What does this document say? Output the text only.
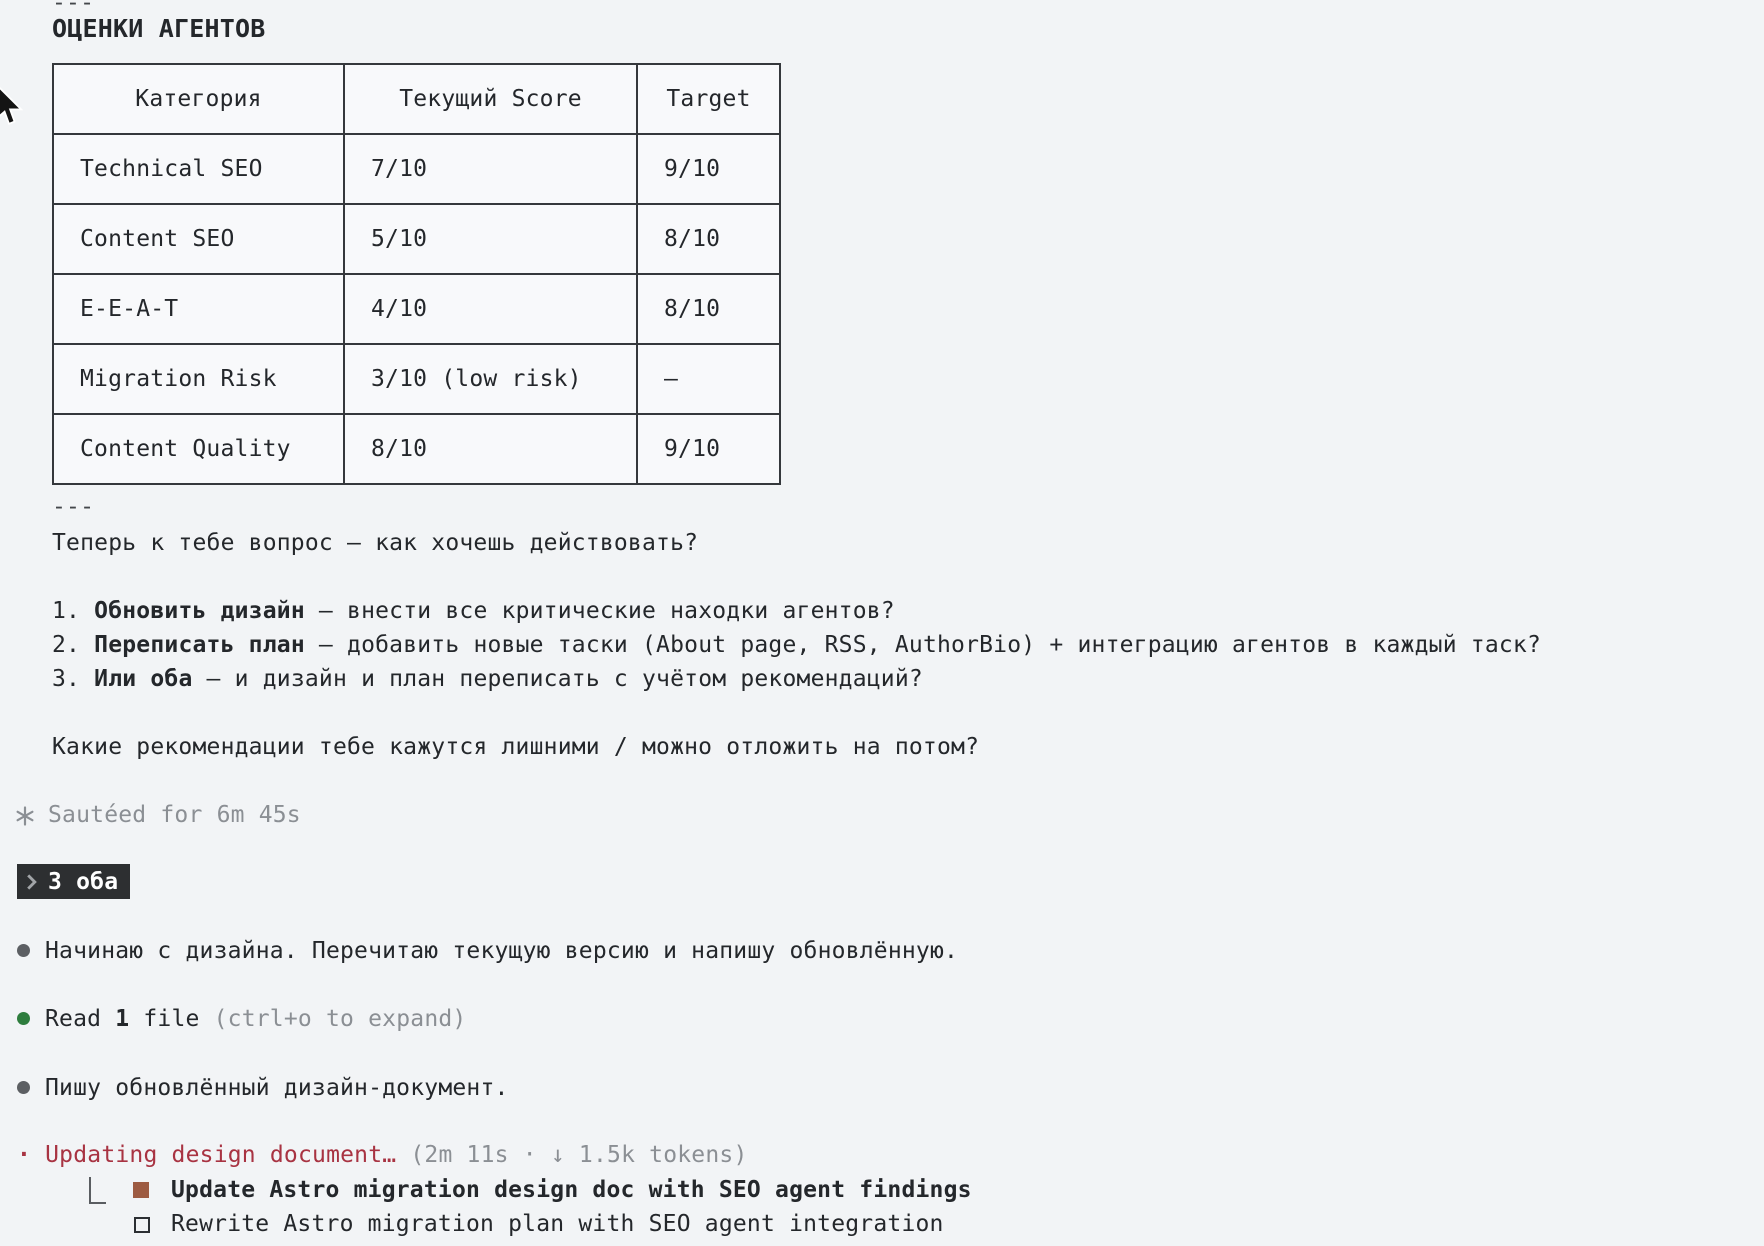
---
ОЦЕНКИ АГЕНТОВ
Категория	Текущий Score	Target
Technical SEO	7/10	9/10
Content SEO	5/10	8/10
E-E-A-T	4/10	8/10
Migration Risk	3/10 (low risk)	–
Content Quality	8/10	9/10
---
Теперь к тебе вопрос — как хочешь действовать?
1. Обновить дизайн — внести все критические находки агентов?
2. Переписать план — добавить новые таски (About page, RSS, AuthorBio) + интеграцию агентов в каждый таск?
3. Или оба — и дизайн и план переписать с учётом рекомендаций?
Какие рекомендации тебе кажутся лишними / можно отложить на потом?
Sautéed for 6m 45s
3 оба
Начинаю с дизайна. Перечитаю текущую версию и напишу обновлённую.
Read 1 file (ctrl+o to expand)
Пишу обновлённый дизайн-документ.
· Updating design document… (2m 11s · ↓ 1.5k tokens)
Update Astro migration design doc with SEO agent findings
Rewrite Astro migration plan with SEO agent integration
